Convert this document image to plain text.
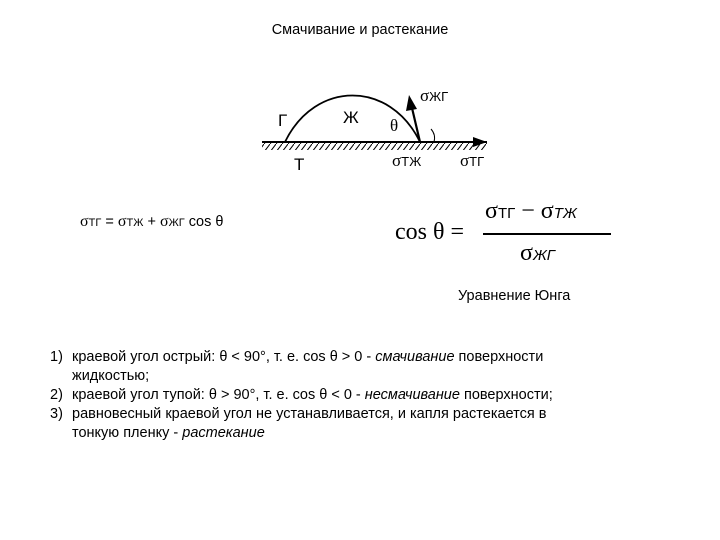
Смачивание и растекание
Г	Ж
Т
θ
σЖГ
σТЖ σТГ
σТГ = σТЖ + σЖГ cos θ	cos θ =
σТГ − σТЖ
σЖГ
Уравнение Юнга
1) краевой угол острый: θ < 90°, т. е. cos θ > 0 - смачивание поверхности
жидкостью;
2) краевой угол тупой: θ > 90°, т. е. cos θ < 0 - несмачивание поверхности;
3) равновесный краевой угол не устанавливается, и капля растекается в
тонкую пленку - растекание
